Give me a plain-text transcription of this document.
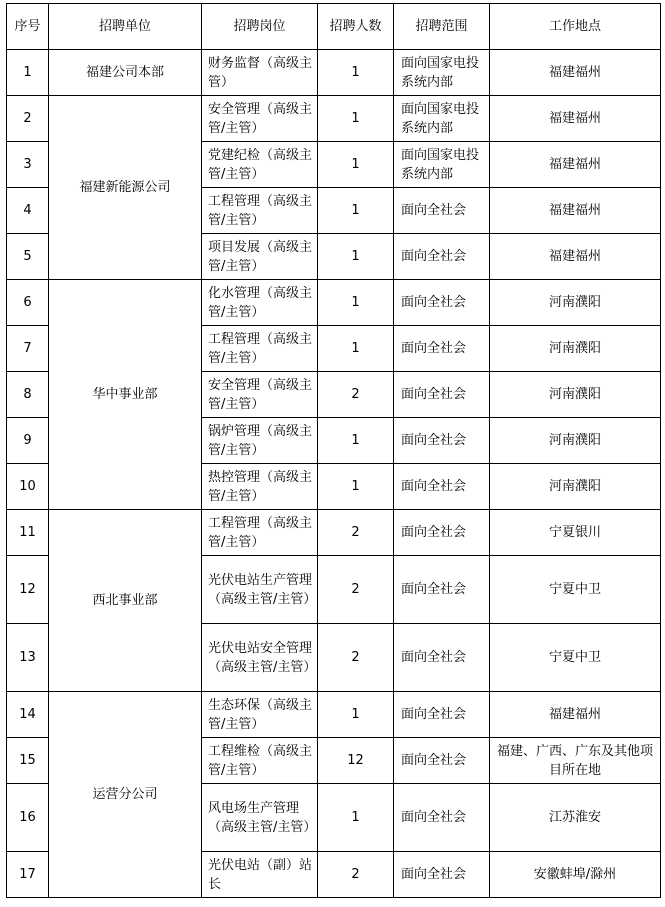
序号	招聘单位	招聘岗位	招聘人数	招聘范围	工作地点
1	福建公司本部	财务监督（高级主管）	1	面向国家电投系统内部	福建福州
2	福建新能源公司	安全管理（高级主管/主管）	1	面向国家电投系统内部	福建福州
3		党建纪检（高级主管/主管）	1	面向国家电投系统内部	福建福州
4		工程管理（高级主管/主管）	1	面向全社会	福建福州
5		项目发展（高级主管/主管）	1	面向全社会	福建福州
6	华中事业部	化水管理（高级主管/主管）	1	面向全社会	河南濮阳
7		工程管理（高级主管/主管）	1	面向全社会	河南濮阳
8		安全管理（高级主管/主管）	2	面向全社会	河南濮阳
9		锅炉管理（高级主管/主管）	1	面向全社会	河南濮阳
10		热控管理（高级主管/主管）	1	面向全社会	河南濮阳
11	西北事业部	工程管理（高级主管/主管）	2	面向全社会	宁夏银川
12		光伏电站生产管理（高级主管/主管）	2	面向全社会	宁夏中卫
13		光伏电站安全管理（高级主管/主管）	2	面向全社会	宁夏中卫
14	运营分公司	生态环保（高级主管/主管）	1	面向全社会	福建福州
15		工程维检（高级主管/主管）	12	面向全社会	福建、广西、广东及其他项目所在地
16		风电场生产管理（高级主管/主管）	1	面向全社会	江苏淮安
17		光伏电站（副）站长	2	面向全社会	安徽蚌埠/滁州
